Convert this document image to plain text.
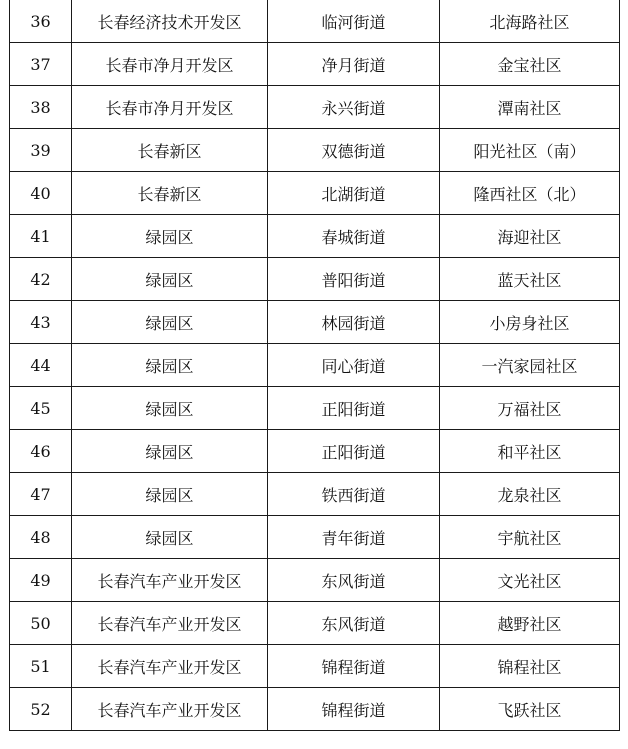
36	长春经济技术开发区	临河街道	北海路社区
37	长春市净月开发区	净月街道	金宝社区
38	长春市净月开发区	永兴街道	潭南社区
39	长春新区	双德街道	阳光社区（南）
40	长春新区	北湖街道	隆西社区（北）
41	绿园区	春城街道	海迎社区
42	绿园区	普阳街道	蓝天社区
43	绿园区	林园街道	小房身社区
44	绿园区	同心街道	一汽家园社区
45	绿园区	正阳街道	万福社区
46	绿园区	正阳街道	和平社区
47	绿园区	铁西街道	龙泉社区
48	绿园区	青年街道	宇航社区
49	长春汽车产业开发区	东风街道	文光社区
50	长春汽车产业开发区	东风街道	越野社区
51	长春汽车产业开发区	锦程街道	锦程社区
52	长春汽车产业开发区	锦程街道	飞跃社区
